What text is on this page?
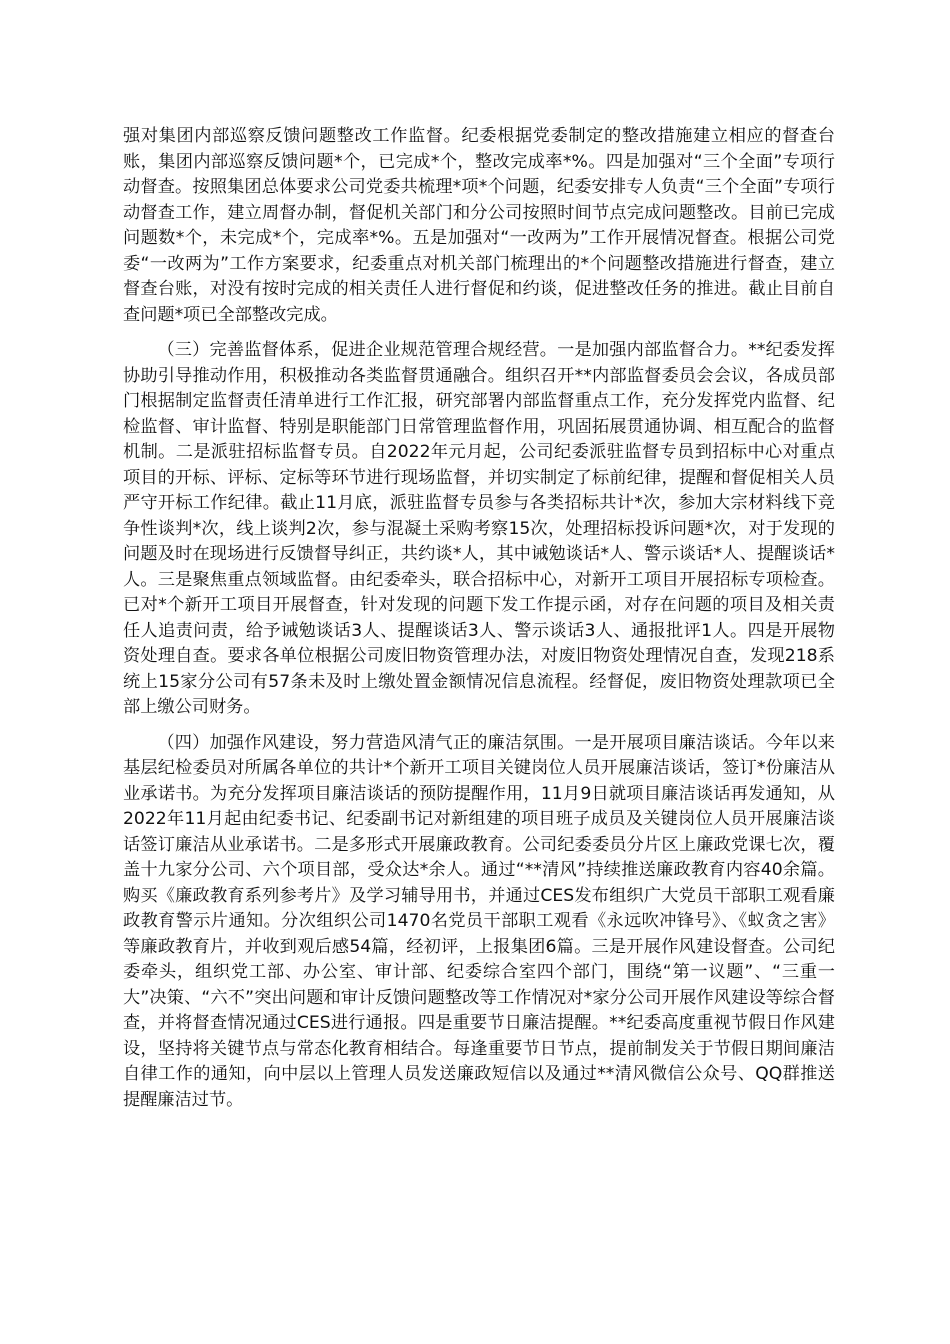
强对集团内部巡察反馈问题整改工作监督。纪委根据党委制定的整改措施建立相应的督查台账，集团内部巡察反馈问题*个，已完成*个，整改完成率*%。四是加强对“三个全面”专项行动督查。按照集团总体要求公司党委共梳理*项*个问题，纪委安排专人负责“三个全面”专项行动督查工作，建立周督办制，督促机关部门和分公司按照时间节点完成问题整改。目前已完成问题数*个，未完成*个，完成率*%。五是加强对“一改两为”工作开展情况督查。根据公司党委“一改两为”工作方案要求，纪委重点对机关部门梳理出的*个问题整改措施进行督查，建立督查台账，对没有按时完成的相关责任人进行督促和约谈，促进整改任务的推进。截止目前自查问题*项已全部整改完成。

（三）完善监督体系，促进企业规范管理合规经营。一是加强内部监督合力。**纪委发挥协助引导推动作用，积极推动各类监督贯通融合。组织召开**内部监督委员会会议，各成员部门根据制定监督责任清单进行工作汇报，研究部署内部监督重点工作，充分发挥党内监督、纪检监督、审计监督、特别是职能部门日常管理监督作用，巩固拓展贯通协调、相互配合的监督机制。二是派驻招标监督专员。自2022年元月起，公司纪委派驻监督专员到招标中心对重点项目的开标、评标、定标等环节进行现场监督，并切实制定了标前纪律，提醒和督促相关人员严守开标工作纪律。截止11月底，派驻监督专员参与各类招标共计*次，参加大宗材料线下竞争性谈判*次，线上谈判2次，参与混凝土采购考察15次，处理招标投诉问题*次，对于发现的问题及时在现场进行反馈督导纠正，共约谈*人，其中诫勉谈话*人、警示谈话*人、提醒谈话*人。三是聚焦重点领域监督。由纪委牵头，联合招标中心，对新开工项目开展招标专项检查。已对*个新开工项目开展督查，针对发现的问题下发工作提示函，对存在问题的项目及相关责任人追责问责，给予诫勉谈话3人、提醒谈话3人、警示谈话3人、通报批评1人。四是开展物资处理自查。要求各单位根据公司废旧物资管理办法，对废旧物资处理情况自查，发现218系统上15家分公司有57条未及时上缴处置金额情况信息流程。经督促，废旧物资处理款项已全部上缴公司财务。

（四）加强作风建设，努力营造风清气正的廉洁氛围。一是开展项目廉洁谈话。今年以来基层纪检委员对所属各单位的共计*个新开工项目关键岗位人员开展廉洁谈话，签订*份廉洁从业承诺书。为充分发挥项目廉洁谈话的预防提醒作用，11月9日就项目廉洁谈话再发通知，从2022年11月起由纪委书记、纪委副书记对新组建的项目班子成员及关键岗位人员开展廉洁谈话签订廉洁从业承诺书。二是多形式开展廉政教育。公司纪委委员分片区上廉政党课七次，覆盖十九家分公司、六个项目部，受众达*余人。通过“**清风”持续推送廉政教育内容40余篇。购买《廉政教育系列参考片》及学习辅导用书，并通过CES发布组织广大党员干部职工观看廉政教育警示片通知。分次组织公司1470名党员干部职工观看《永远吹冲锋号》、《蚁贪之害》等廉政教育片，并收到观后感54篇，经初评，上报集团6篇。三是开展作风建设督查。公司纪委牵头，组织党工部、办公室、审计部、纪委综合室四个部门，围绕“第一议题”、“三重一大”决策、“六不”突出问题和审计反馈问题整改等工作情况对*家分公司开展作风建设等综合督查，并将督查情况通过CES进行通报。四是重要节日廉洁提醒。**纪委高度重视节假日作风建设，坚持将关键节点与常态化教育相结合。每逢重要节日节点，提前制发关于节假日期间廉洁自律工作的通知，向中层以上管理人员发送廉政短信以及通过**清风微信公众号、QQ群推送提醒廉洁过节。
